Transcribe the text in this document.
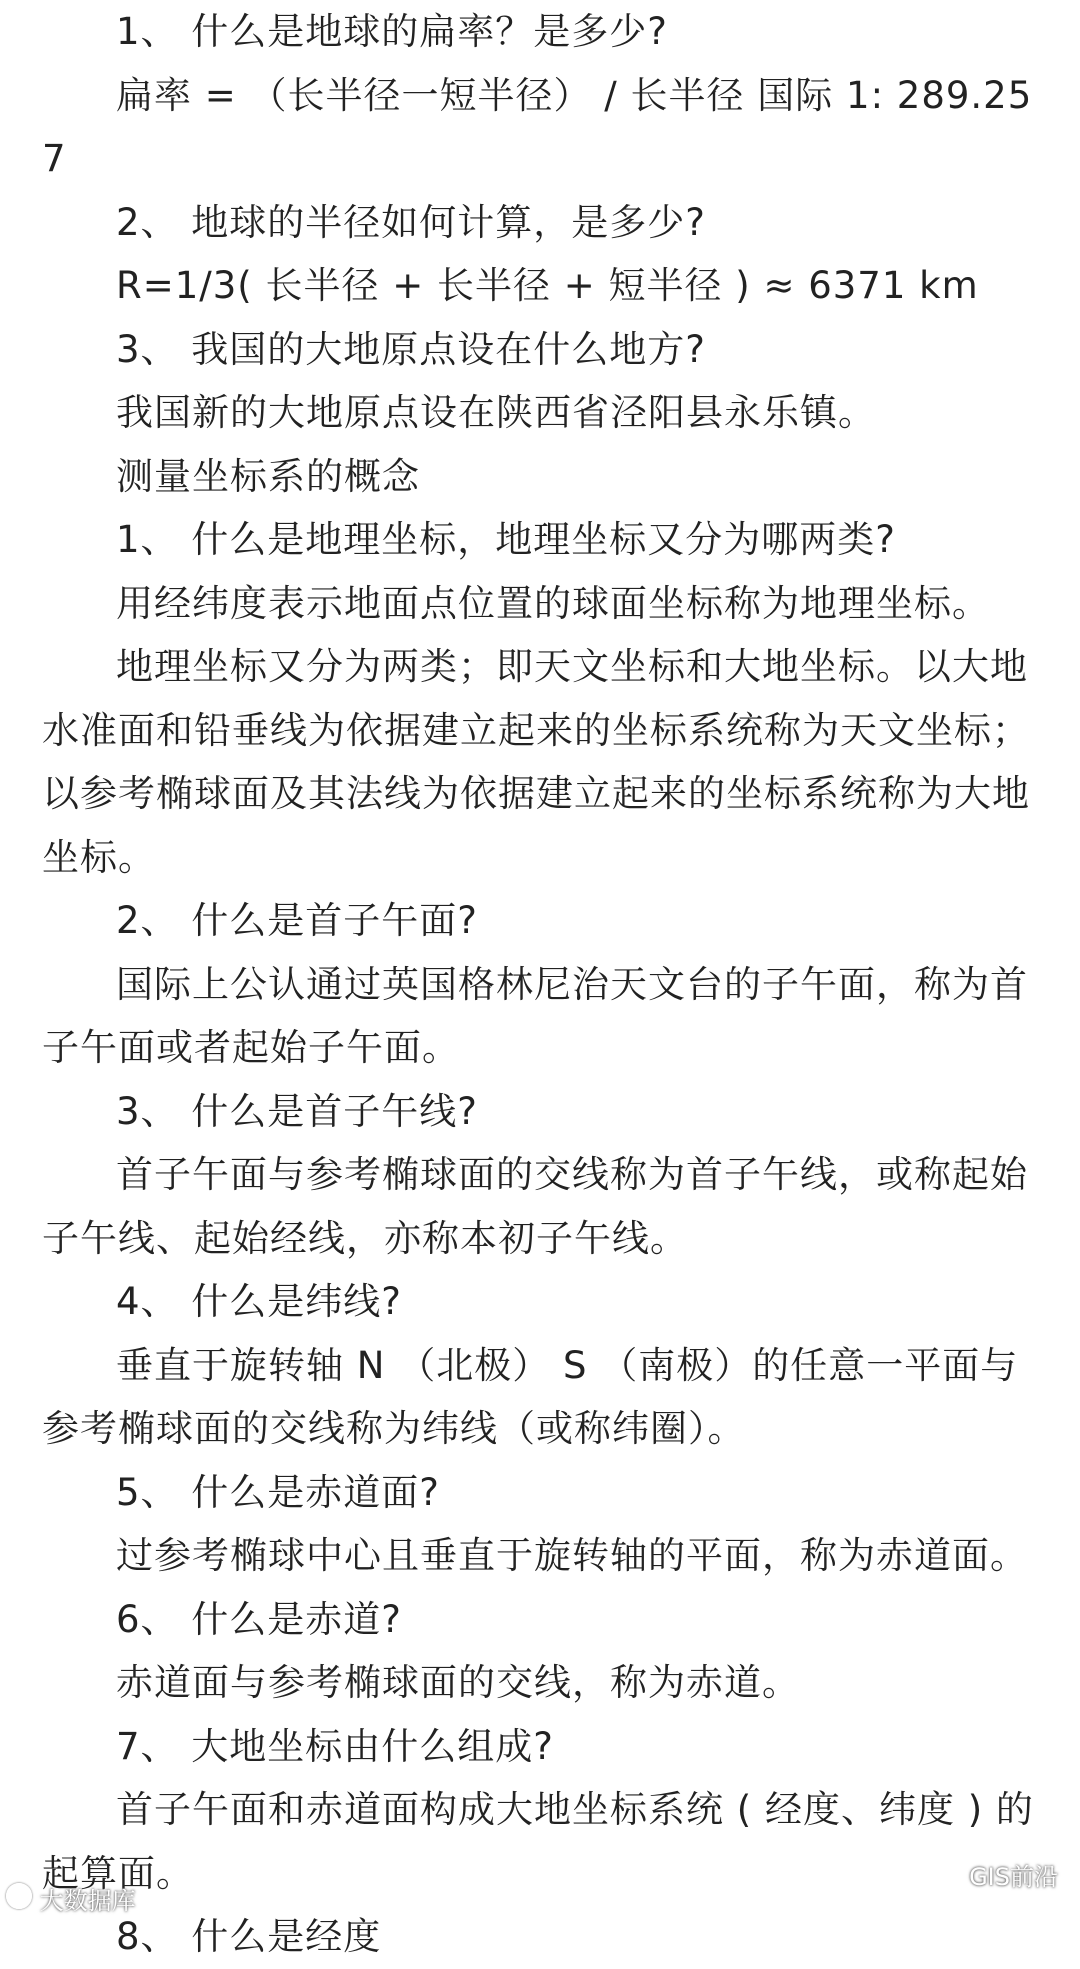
1、 什么是地球的扁率？是多少?

扁率 = （长半径一短半径） / 长半径 国际 1: 289.257

2、 地球的半径如何计算，是多少?

R=1/3( 长半径 + 长半径 + 短半径 ) ≈ 6371 km

3、 我国的大地原点设在什么地方?

我国新的大地原点设在陕西省泾阳县永乐镇。

测量坐标系的概念

1、 什么是地理坐标，地理坐标又分为哪两类?

用经纬度表示地面点位置的球面坐标称为地理坐标。

地理坐标又分为两类；即天文坐标和大地坐标。以大地水准面和铅垂线为依据建立起来的坐标系统称为天文坐标；以参考椭球面及其法线为依据建立起来的坐标系统称为大地坐标。

2、 什么是首子午面?

国际上公认通过英国格林尼治天文台的子午面，称为首子午面或者起始子午面。

3、 什么是首子午线?

首子午面与参考椭球面的交线称为首子午线，或称起始子午线、起始经线，亦称本初子午线。

4、 什么是纬线?

垂直于旋转轴 N （北极） S （南极）的任意一平面与参考椭球面的交线称为纬线（或称纬圈）。

5、 什么是赤道面?

过参考椭球中心且垂直于旋转轴的平面，称为赤道面。

6、 什么是赤道?

赤道面与参考椭球面的交线，称为赤道。

7、 大地坐标由什么组成?

首子午面和赤道面构成大地坐标系统 ( 经度、纬度 ) 的起算面。

8、 什么是经度

大数据库
GIS前沿
